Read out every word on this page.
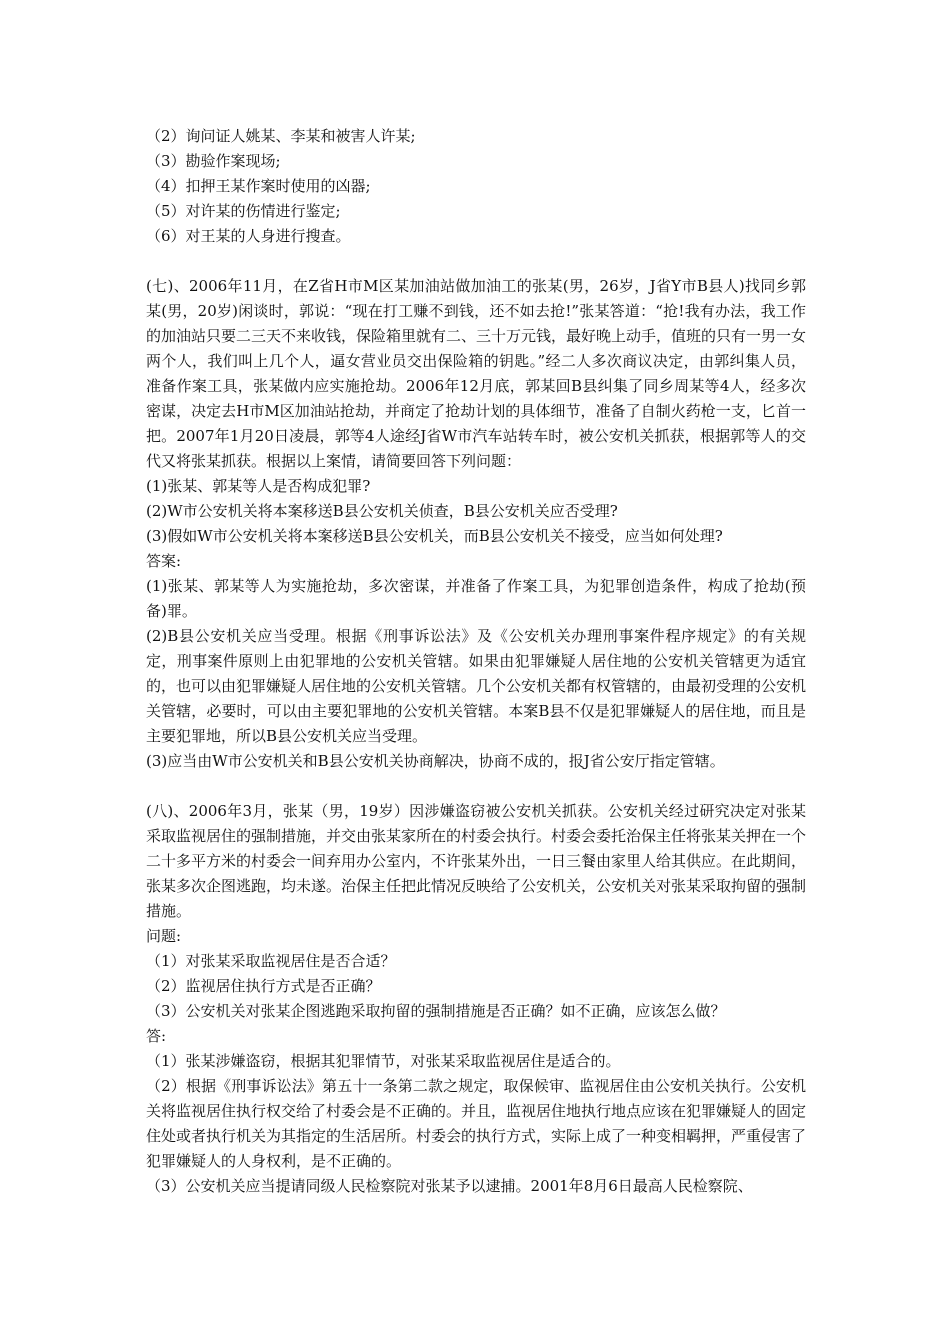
（2）询问证人姚某、李某和被害人许某;

（3）勘验作案现场;

（4）扣押王某作案时使用的凶器;

（5）对许某的伤情进行鉴定;

（6）对王某的人身进行搜查。

(七)、2006年11月，在Z省H市M区某加油站做加油工的张某(男，26岁，J省Y市B县人)找同乡郭某(男，20岁)闲谈时，郭说：“现在打工赚不到钱，还不如去抢!”张某答道：“抢!我有办法，我工作的加油站只要二三天不来收钱，保险箱里就有二、三十万元钱，最好晚上动手，值班的只有一男一女两个人，我们叫上几个人，逼女营业员交出保险箱的钥匙。”经二人多次商议决定，由郭纠集人员，准备作案工具，张某做内应实施抢劫。2006年12月底，郭某回B县纠集了同乡周某等4人，经多次密谋，决定去H市M区加油站抢劫，并商定了抢劫计划的具体细节，准备了自制火药枪一支，匕首一把。2007年1月20日凌晨，郭等4人途经J省W市汽车站转车时，被公安机关抓获，根据郭等人的交代又将张某抓获。根据以上案情，请简要回答下列问题：

(1)张某、郭某等人是否构成犯罪?

(2)W市公安机关将本案移送B县公安机关侦查，B县公安机关应否受理?

(3)假如W市公安机关将本案移送B县公安机关，而B县公安机关不接受，应当如何处理?

答案:

(1)张某、郭某等人为实施抢劫，多次密谋，并准备了作案工具，为犯罪创造条件，构成了抢劫(预备)罪。

(2)B县公安机关应当受理。根据《刑事诉讼法》及《公安机关办理刑事案件程序规定》的有关规定，刑事案件原则上由犯罪地的公安机关管辖。如果由犯罪嫌疑人居住地的公安机关管辖更为适宜的，也可以由犯罪嫌疑人居住地的公安机关管辖。几个公安机关都有权管辖的，由最初受理的公安机关管辖，必要时，可以由主要犯罪地的公安机关管辖。本案B县不仅是犯罪嫌疑人的居住地，而且是主要犯罪地，所以B县公安机关应当受理。

(3)应当由W市公安机关和B县公安机关协商解决，协商不成的，报J省公安厅指定管辖。

(八)、2006年3月，张某（男，19岁）因涉嫌盗窃被公安机关抓获。公安机关经过研究决定对张某采取监视居住的强制措施，并交由张某家所在的村委会执行。村委会委托治保主任将张某关押在一个二十多平方米的村委会一间弃用办公室内，不许张某外出，一日三餐由家里人给其供应。在此期间，张某多次企图逃跑，均未遂。治保主任把此情况反映给了公安机关，公安机关对张某采取拘留的强制措施。

问题:

（1）对张某采取监视居住是否合适？

（2）监视居住执行方式是否正确？

（3）公安机关对张某企图逃跑采取拘留的强制措施是否正确？如不正确，应该怎么做？

答:

（1）张某涉嫌盗窃，根据其犯罪情节，对张某采取监视居住是适合的。

（2）根据《刑事诉讼法》第五十一条第二款之规定，取保候审、监视居住由公安机关执行。公安机关将监视居住执行权交给了村委会是不正确的。并且，监视居住地执行地点应该在犯罪嫌疑人的固定住处或者执行机关为其指定的生活居所。村委会的执行方式，实际上成了一种变相羁押，严重侵害了犯罪嫌疑人的人身权利，是不正确的。

（3）公安机关应当提请同级人民检察院对张某予以逮捕。2001年8月6日最高人民检察院、
